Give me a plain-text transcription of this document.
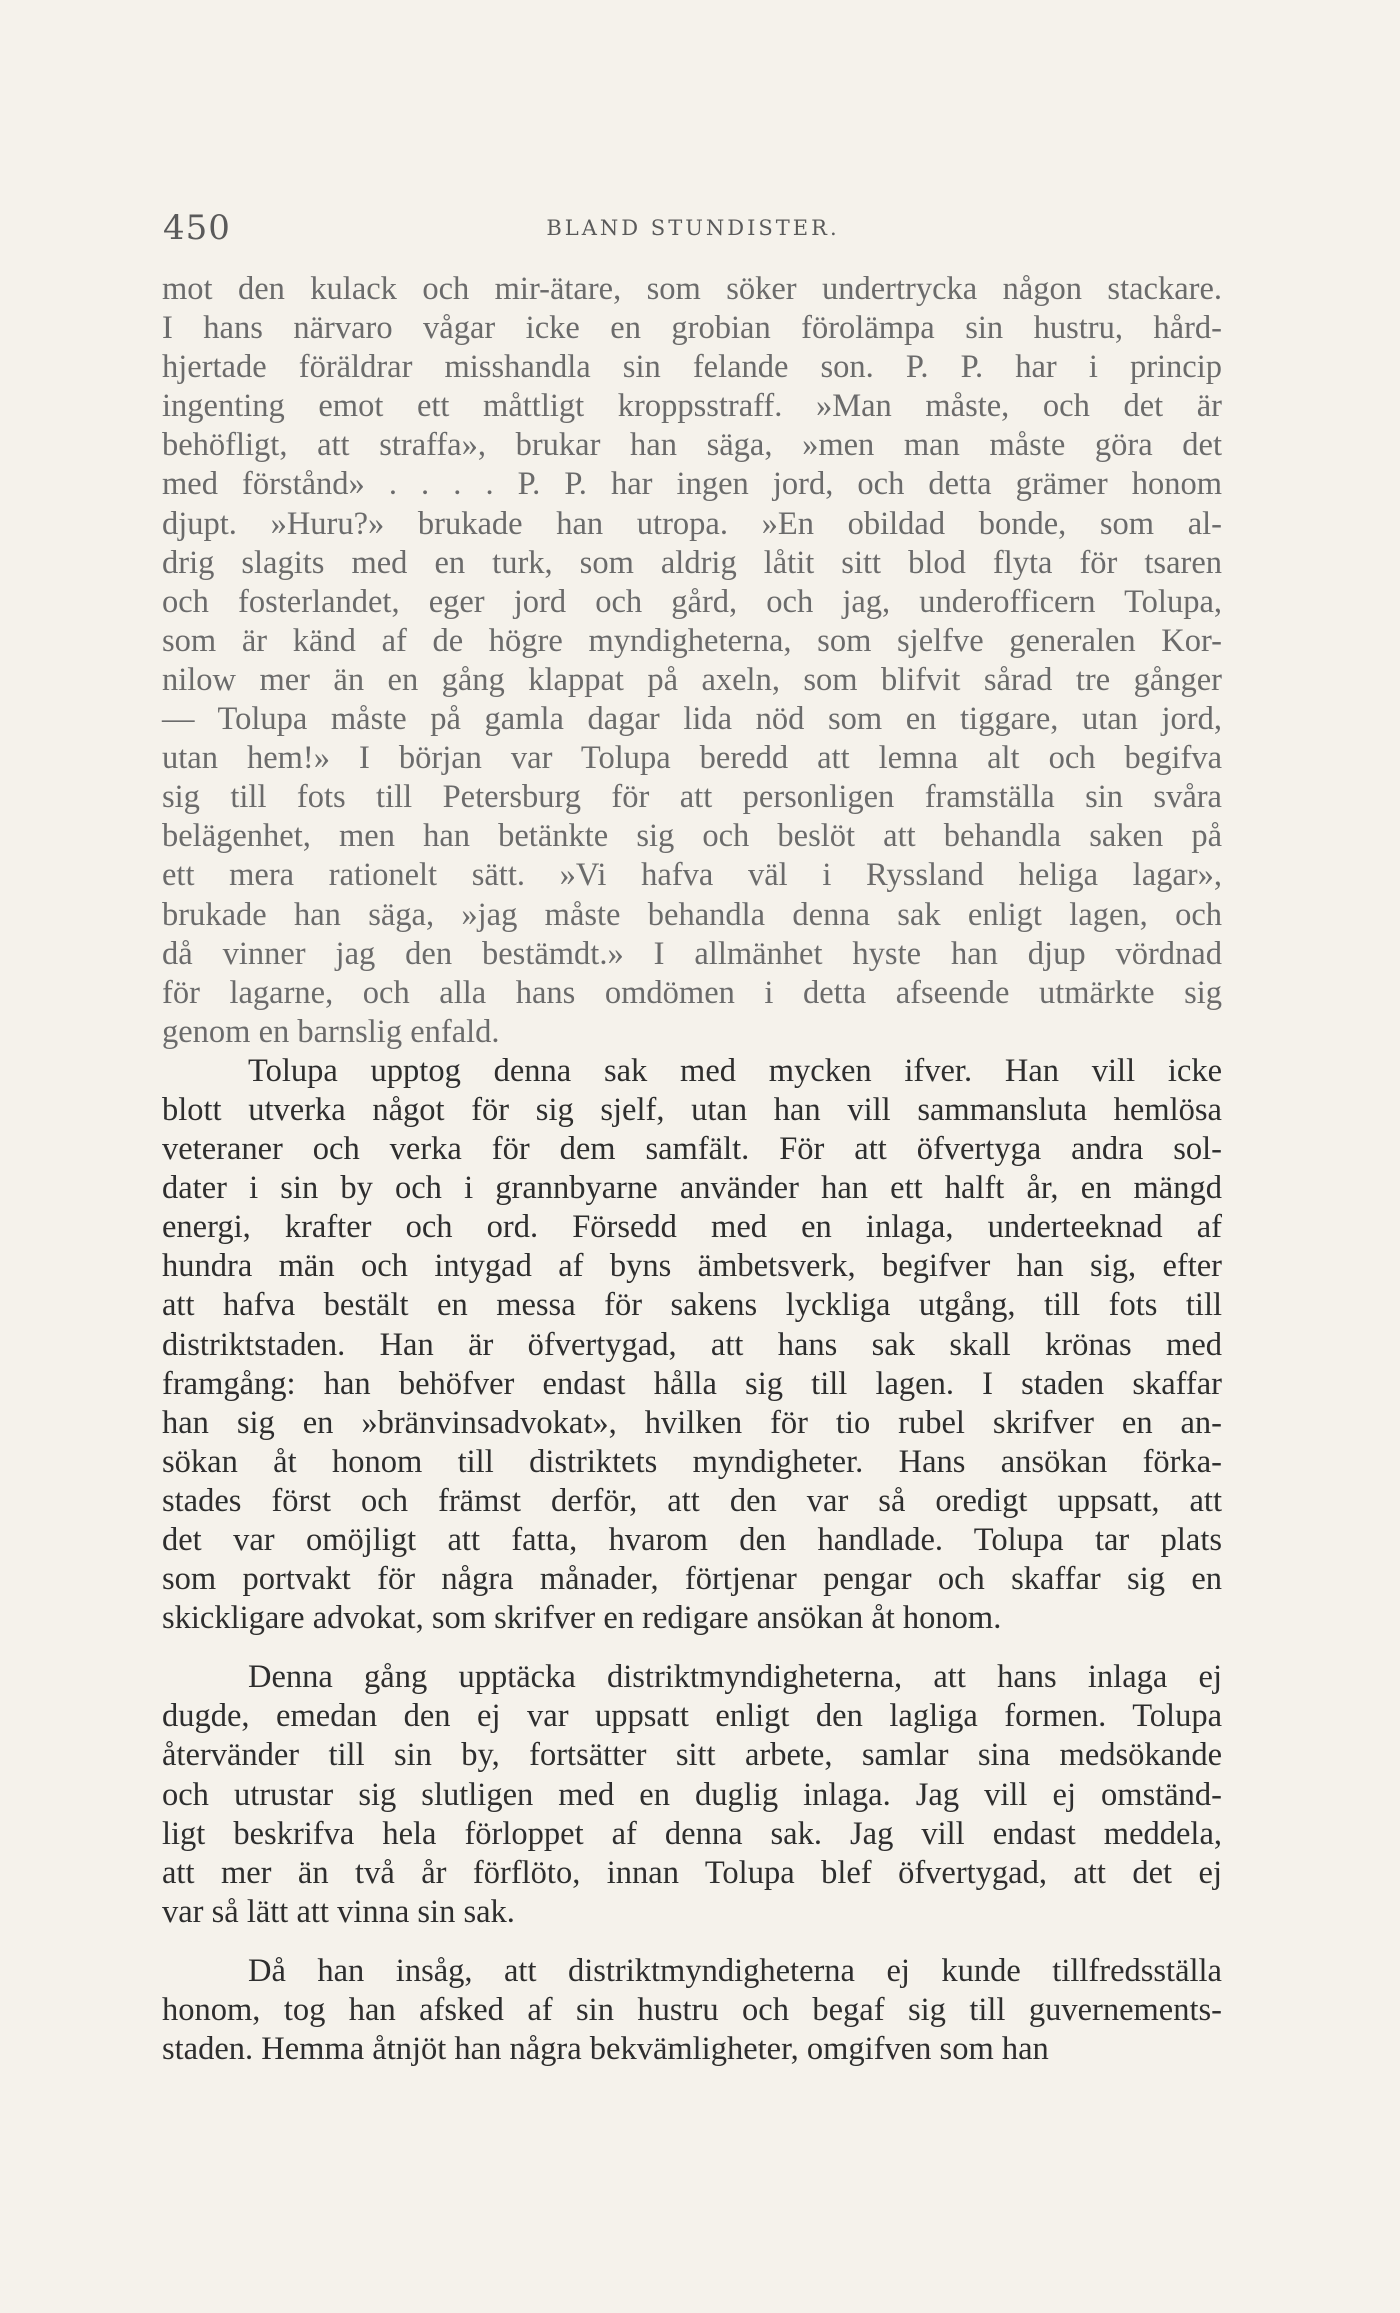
450	BLAND STUNDISTER.
mot den kulack och mir-ätare, som söker undertrycka någon stackare.
I hans närvaro vågar icke en grobian förolämpa sin hustru, hård-
hjertade föräldrar misshandla sin felande son. P. P. har i princip
ingenting emot ett måttligt kroppsstraff. »Man måste, och det är
behöfligt, att straffa», brukar han säga, »men man måste göra det
med förstånd» . . . . P. P. har ingen jord, och detta grämer honom
djupt. »Huru?» brukade han utropa. »En obildad bonde, som al-
drig slagits med en turk, som aldrig låtit sitt blod flyta för tsaren
och fosterlandet, eger jord och gård, och jag, underofficern Tolupa,
som är känd af de högre myndigheterna, som sjelfve generalen Kor-
nilow mer än en gång klappat på axeln, som blifvit sårad tre gånger
— Tolupa måste på gamla dagar lida nöd som en tiggare, utan jord,
utan hem!» I början var Tolupa beredd att lemna alt och begifva
sig till fots till Petersburg för att personligen framställa sin svåra
belägenhet, men han betänkte sig och beslöt att behandla saken på
ett mera rationelt sätt. »Vi hafva väl i Ryssland heliga lagar»,
brukade han säga, »jag måste behandla denna sak enligt lagen, och
då vinner jag den bestämdt.» I allmänhet hyste han djup vördnad
för lagarne, och alla hans omdömen i detta afseende utmärkte sig
genom en barnslig enfald.
Tolupa upptog denna sak med mycken ifver. Han vill icke
blott utverka något för sig sjelf, utan han vill sammansluta hemlösa
veteraner och verka för dem samfält. För att öfvertyga andra sol-
dater i sin by och i grannbyarne använder han ett halft år, en mängd
energi, krafter och ord. Försedd med en inlaga, underteeknad af
hundra män och intygad af byns ämbetsverk, begifver han sig, efter
att hafva bestält en messa för sakens lyckliga utgång, till fots till
distriktstaden. Han är öfvertygad, att hans sak skall krönas med
framgång: han behöfver endast hålla sig till lagen. I staden skaffar
han sig en »bränvinsadvokat», hvilken för tio rubel skrifver en an-
sökan åt honom till distriktets myndigheter. Hans ansökan förka-
stades först och främst derför, att den var så oredigt uppsatt, att
det var omöjligt att fatta, hvarom den handlade. Tolupa tar plats
som portvakt för några månader, förtjenar pengar och skaffar sig en
skickligare advokat, som skrifver en redigare ansökan åt honom.
Denna gång upptäcka distriktmyndigheterna, att hans inlaga ej
dugde, emedan den ej var uppsatt enligt den lagliga formen. Tolupa
återvänder till sin by, fortsätter sitt arbete, samlar sina medsökande
och utrustar sig slutligen med en duglig inlaga. Jag vill ej omständ-
ligt beskrifva hela förloppet af denna sak. Jag vill endast meddela,
att mer än två år förflöto, innan Tolupa blef öfvertygad, att det ej
var så lätt att vinna sin sak.
Då han insåg, att distriktmyndigheterna ej kunde tillfredsställa
honom, tog han afsked af sin hustru och begaf sig till guvernements-
staden. Hemma åtnjöt han några bekvämligheter, omgifven som han
